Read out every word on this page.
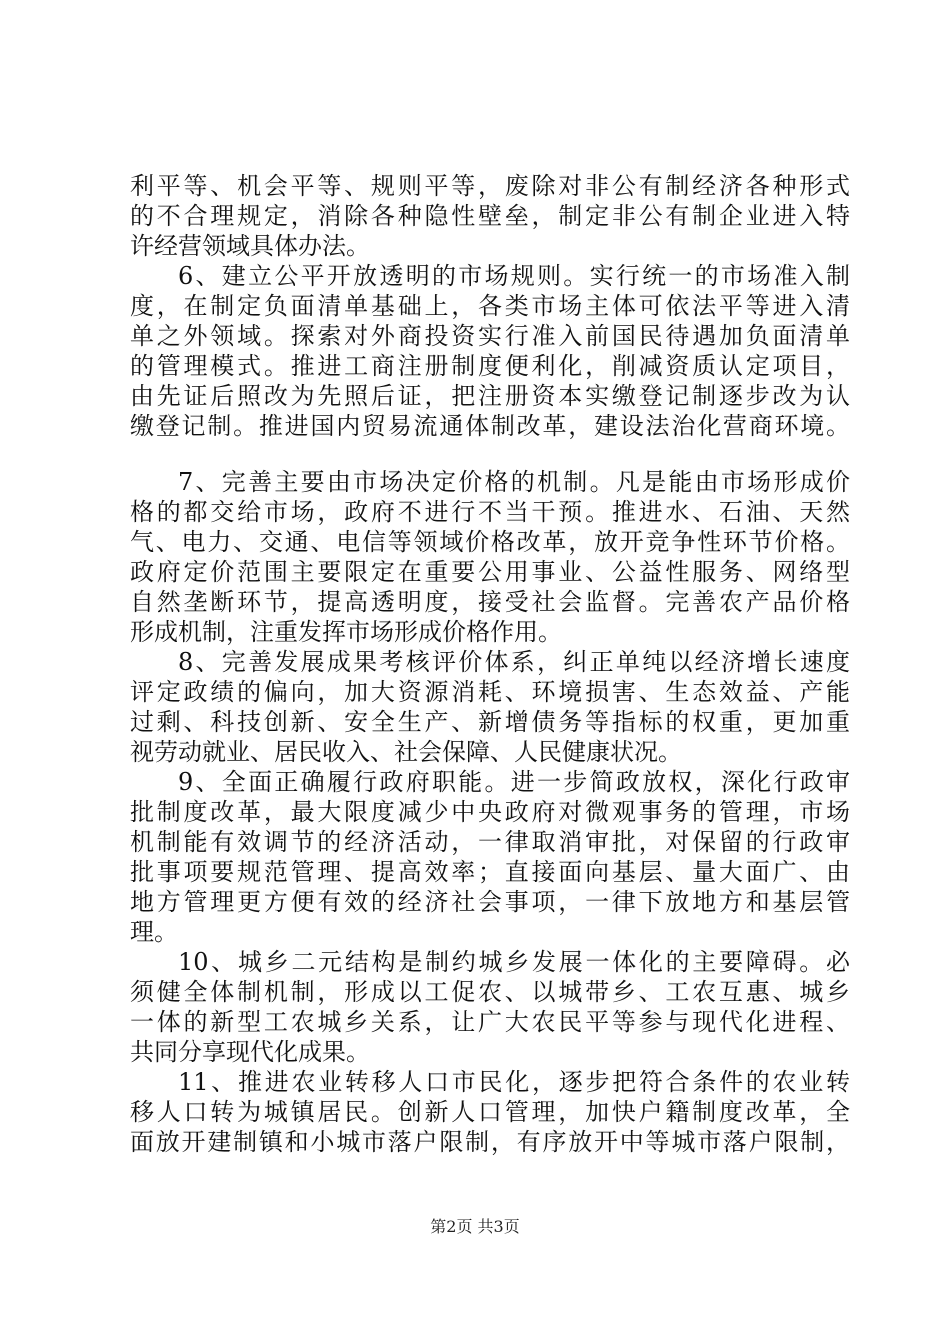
利平等、机会平等、规则平等，废除对非公有制经济各种形式
的不合理规定，消除各种隐性壁垒，制定非公有制企业进入特
许经营领域具体办法。
6、建立公平开放透明的市场规则。实行统一的市场准入制
度，在制定负面清单基础上，各类市场主体可依法平等进入清
单之外领域。探索对外商投资实行准入前国民待遇加负面清单
的管理模式。推进工商注册制度便利化，削减资质认定项目，
由先证后照改为先照后证，把注册资本实缴登记制逐步改为认
缴登记制。推进国内贸易流通体制改革，建设法治化营商环境。
7、完善主要由市场决定价格的机制。凡是能由市场形成价
格的都交给市场，政府不进行不当干预。推进水、石油、天然
气、电力、交通、电信等领域价格改革，放开竞争性环节价格。
政府定价范围主要限定在重要公用事业、公益性服务、网络型
自然垄断环节，提高透明度，接受社会监督。完善农产品价格
形成机制，注重发挥市场形成价格作用。
8、完善发展成果考核评价体系，纠正单纯以经济增长速度
评定政绩的偏向，加大资源消耗、环境损害、生态效益、产能
过剩、科技创新、安全生产、新增债务等指标的权重，更加重
视劳动就业、居民收入、社会保障、人民健康状况。
9、全面正确履行政府职能。进一步简政放权，深化行政审
批制度改革，最大限度减少中央政府对微观事务的管理，市场
机制能有效调节的经济活动，一律取消审批，对保留的行政审
批事项要规范管理、提高效率；直接面向基层、量大面广、由
地方管理更方便有效的经济社会事项，一律下放地方和基层管
理。
10、城乡二元结构是制约城乡发展一体化的主要障碍。必
须健全体制机制，形成以工促农、以城带乡、工农互惠、城乡
一体的新型工农城乡关系，让广大农民平等参与现代化进程、
共同分享现代化成果。
11、推进农业转移人口市民化，逐步把符合条件的农业转
移人口转为城镇居民。创新人口管理，加快户籍制度改革，全
面放开建制镇和小城市落户限制，有序放开中等城市落户限制，
第2页 共3页
